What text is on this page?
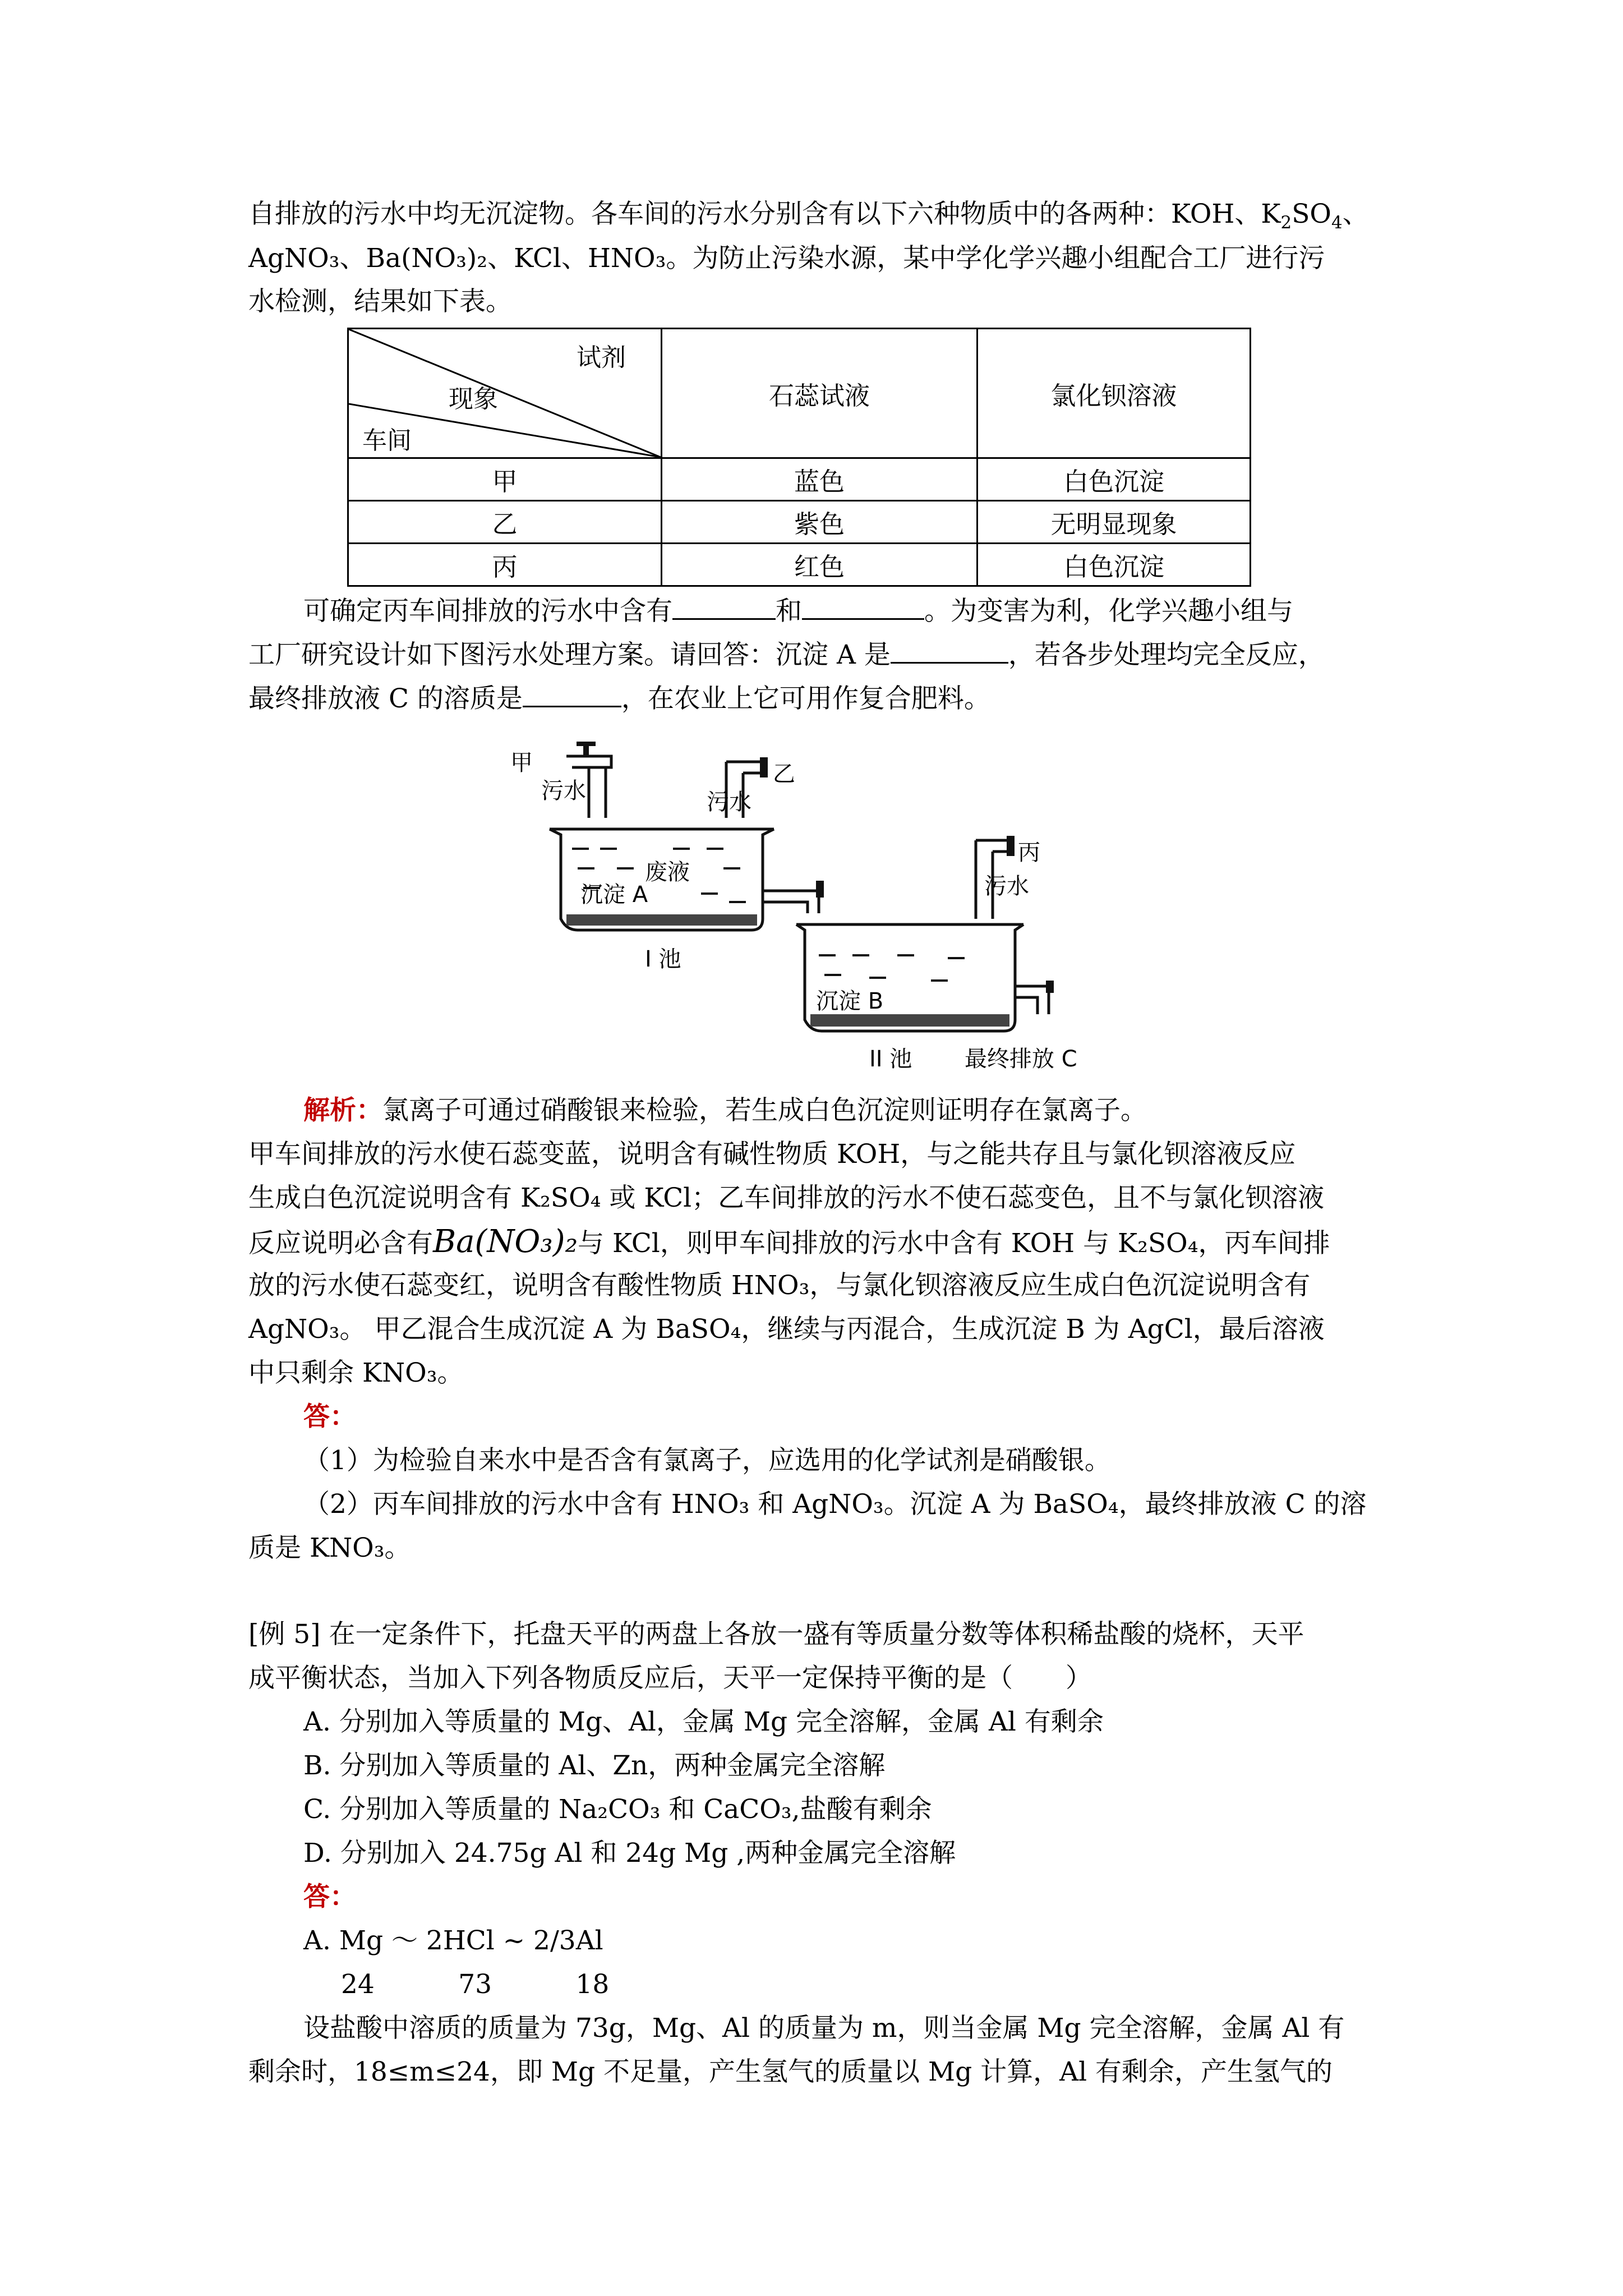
自排放的污水中均无沉淀物。各车间的污水分别含有以下六种物质中的各两种：KOH、$K_2SO_4$、
AgNO₃、Ba(NO₃)₂、KCl、HNO₃。为防止污染水源，某中学化学兴趣小组配合工厂进行污
水检测，结果如下表。
试剂
现象
车间	石蕊试液	氯化钡溶液
甲	蓝色	白色沉淀
乙	紫色	无明显现象
丙	红色	白色沉淀
可确定丙车间排放的污水中含有	和	。为变害为利，化学兴趣小组与
工厂研究设计如下图污水处理方案。请回答：沉淀 A 是	，若各步处理均完全反应，
最终排放液 C 的溶质是	，在农业上它可用作复合肥料。
甲
污水
乙
污水
废液
沉淀 A
I 池
丙
污水
沉淀 B
II 池 最终排放 C
解析：氯离子可通过硝酸银来检验，若生成白色沉淀则证明存在氯离子。
甲车间排放的污水使石蕊变蓝，说明含有碱性物质 KOH，与之能共存且与氯化钡溶液反应
生成白色沉淀说明含有 K₂SO₄ 或 KCl；乙车间排放的污水不使石蕊变色，且不与氯化钡溶液
反应说明必含有Ba(NO₃)₂与 KCl，则甲车间排放的污水中含有 KOH 与 K₂SO₄，丙车间排
放的污水使石蕊变红，说明含有酸性物质 HNO₃，与氯化钡溶液反应生成白色沉淀说明含有
AgNO₃。 甲乙混合生成沉淀 A 为 BaSO₄，继续与丙混合，生成沉淀 B 为 AgCl，最后溶液
中只剩余 KNO₃。
答：
（1）为检验自来水中是否含有氯离子，应选用的化学试剂是硝酸银。
（2）丙车间排放的污水中含有 HNO₃ 和 AgNO₃。沉淀 A 为 BaSO₄，最终排放液 C 的溶
质是 KNO₃。
[例 5] 在一定条件下，托盘天平的两盘上各放一盛有等质量分数等体积稀盐酸的烧杯，天平
成平衡状态，当加入下列各物质反应后，天平一定保持平衡的是（　　）
A. 分别加入等质量的 Mg、Al，金属 Mg 完全溶解，金属 Al 有剩余
B. 分别加入等质量的 Al、Zn，两种金属完全溶解
C. 分别加入等质量的 Na₂CO₃ 和 CaCO₃,盐酸有剩余
D. 分别加入 24.75g Al 和 24g Mg ,两种金属完全溶解
答：
A. Mg ～ 2HCl ~ 2/3Al
24          73          18
设盐酸中溶质的质量为 73g，Mg、Al 的质量为 m，则当金属 Mg 完全溶解，金属 Al 有
剩余时，18≤m≤24，即 Mg 不足量，产生氢气的质量以 Mg 计算，Al 有剩余，产生氢气的
